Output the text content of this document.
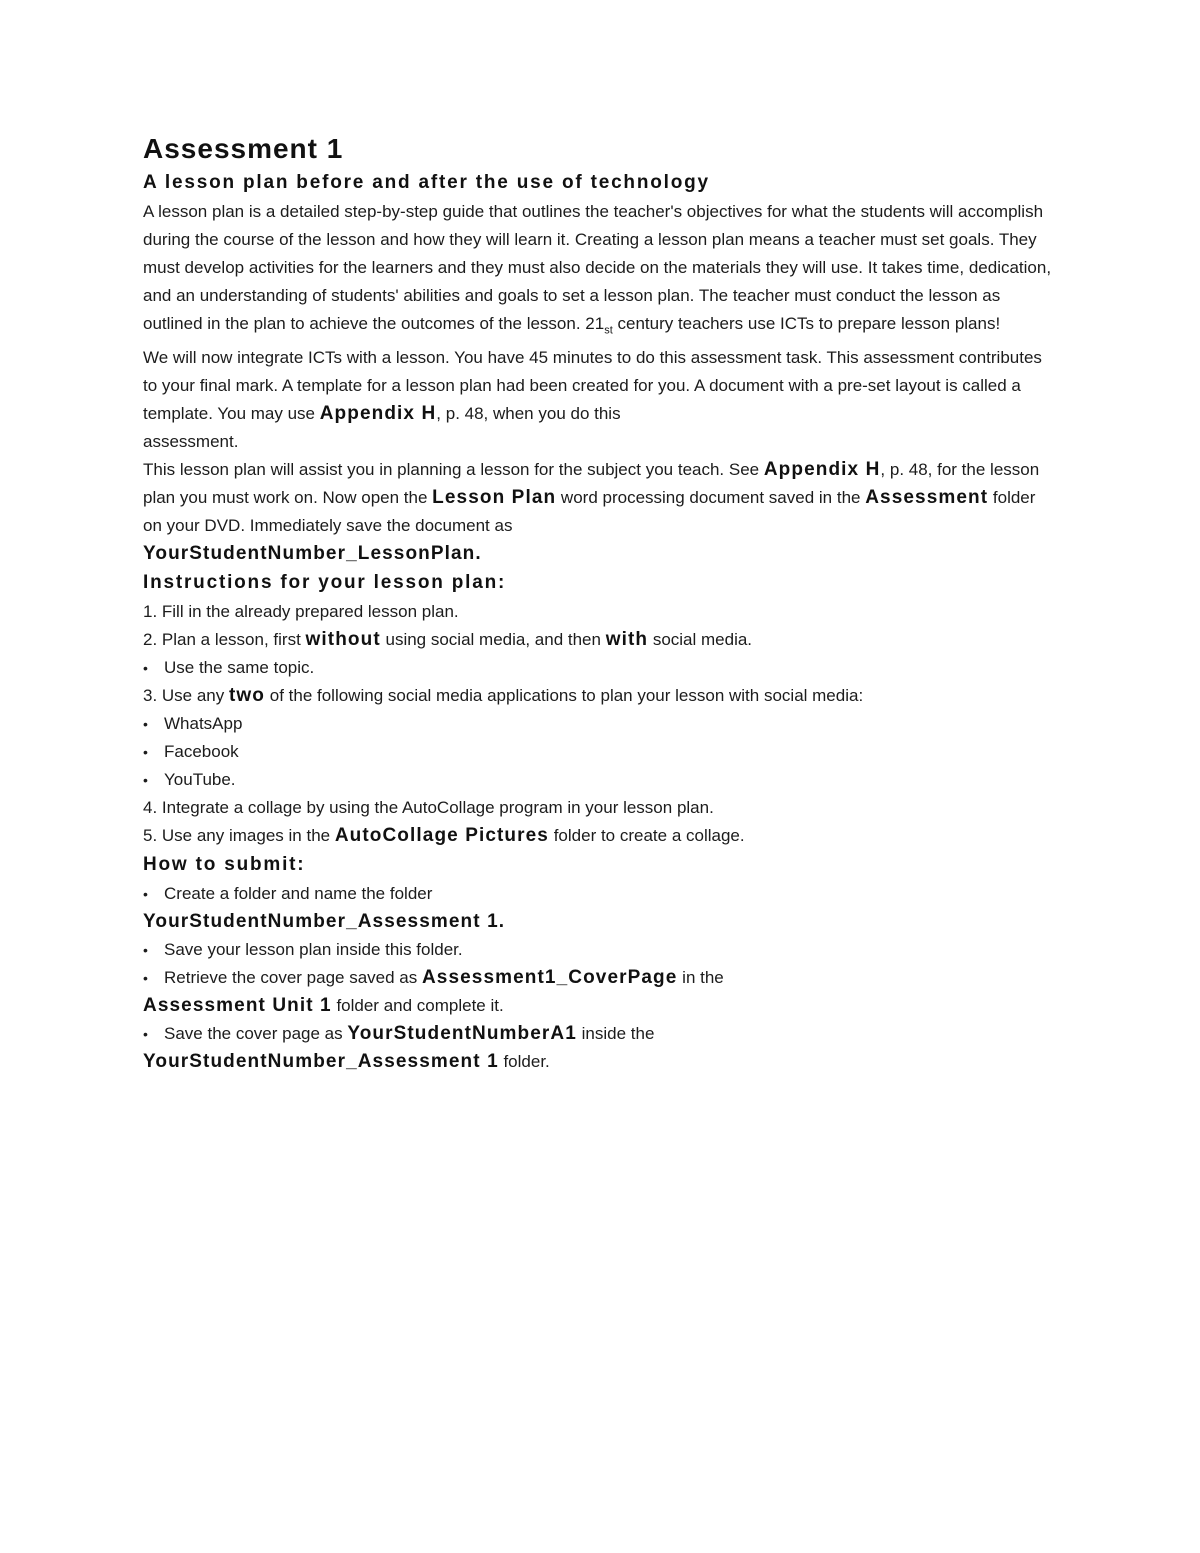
Assessment 1
A lesson plan before and after the use of technology
A lesson plan is a detailed step-by-step guide that outlines the teacher's objectives for what the students will accomplish during the course of the lesson and how they will learn it. Creating a lesson plan means a teacher must set goals. They must develop activities for the learners and they must also decide on the materials they will use. It takes time, dedication, and an understanding of students' abilities and goals to set a lesson plan. The teacher must conduct the lesson as outlined in the plan to achieve the outcomes of the lesson. $21_{st}$ century teachers use ICTs to prepare lesson plans!
We will now integrate ICTs with a lesson. You have 45 minutes to do this assessment task. This assessment contributes to your final mark. A template for a lesson plan had been created for you. A document with a pre-set layout is called a template. You may use Appendix H, p. 48, when you do this
assessment.
This lesson plan will assist you in planning a lesson for the subject you teach. See Appendix H, p. 48, for the lesson plan you must work on. Now open the Lesson Plan word processing document saved in the Assessment folder on your DVD. Immediately save the document as
YourStudentNumber_LessonPlan.
Instructions for your lesson plan:
1. Fill in the already prepared lesson plan.
2. Plan a lesson, first without using social media, and then with social media.
• Use the same topic.
3. Use any two of the following social media applications to plan your lesson with social media:
• WhatsApp
• Facebook
• YouTube.
4. Integrate a collage by using the AutoCollage program in your lesson plan.
5. Use any images in the AutoCollage Pictures folder to create a collage.
How to submit:
• Create a folder and name the folder
YourStudentNumber_Assessment 1.
• Save your lesson plan inside this folder.
• Retrieve the cover page saved as Assessment1_CoverPage in the
Assessment Unit 1 folder and complete it.
• Save the cover page as YourStudentNumberA1 inside the
YourStudentNumber_Assessment 1 folder.
